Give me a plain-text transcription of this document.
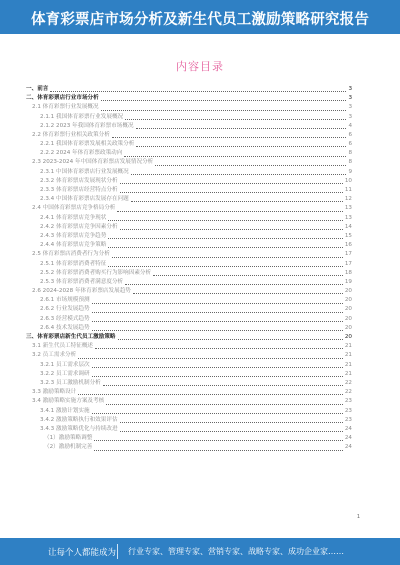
体育彩票店市场分析及新生代员工激励策略研究报告
内容目录
一、前言	3
二、体育彩票店行业市场分析	3
2.1 体育彩票行业发展概况	3
2.1.1 我国体育彩票行业发展概况	3
2.1.2 2023 年我国体育彩票市场概况	4
2.2 体育彩票行业相关政策分析	6
2.2.1 我国体育彩票发展相关政策分析	6
2.2.2 2024 年体育彩票政策动向	8
2.3 2023-2024 年中国体育彩票店发展情况分析	8
2.3.1 中国体育彩票店行业发展概况	9
2.3.2 体育彩票店发展现状分析	10
2.3.3 体育彩票店经营特点分析	11
2.3.4 中国体育彩票店发展存在问题	12
2.4 中国体育彩票店竞争格局分析	13
2.4.1 体育彩票店竞争现状	13
2.4.2 体育彩票店竞争因素分析	14
2.4.3 体育彩票店竞争趋势	15
2.4.4 体育彩票店竞争策略	16
2.5 体育彩票店消费者行为分析	17
2.5.1 体育彩票消费者特征	17
2.5.2 体育彩票消费者购买行为影响因素分析	18
2.5.3 体育彩票消费者满意度分析	19
2.6 2024-2028 年体育彩票店发展趋势	20
2.6.1 市场规模预测	20
2.6.2 行业发展趋势	20
2.6.3 经营模式趋势	20
2.6.4 技术发展趋势	20
三、体育彩票店新生代员工激励策略	20
3.1 新生代员工特征概述	21
3.2 员工需求分析	21
3.2.1 员工需求层次	21
3.2.2 员工需求调研	21
3.2.3 员工激励机制分析	22
3.3 激励策略设计	22
3.4 激励策略实施方案及考核	23
3.4.1 激励计划实施	23
3.4.2 激励策略执行和效果评估	23
3.4.3 激励策略优化与持续改进	24
（1）激励策略调整	24
（2）激励机制完善	24
1
让每个人都能成为 行业专家、管理专家、营销专家、战略专家、成功企业家……
